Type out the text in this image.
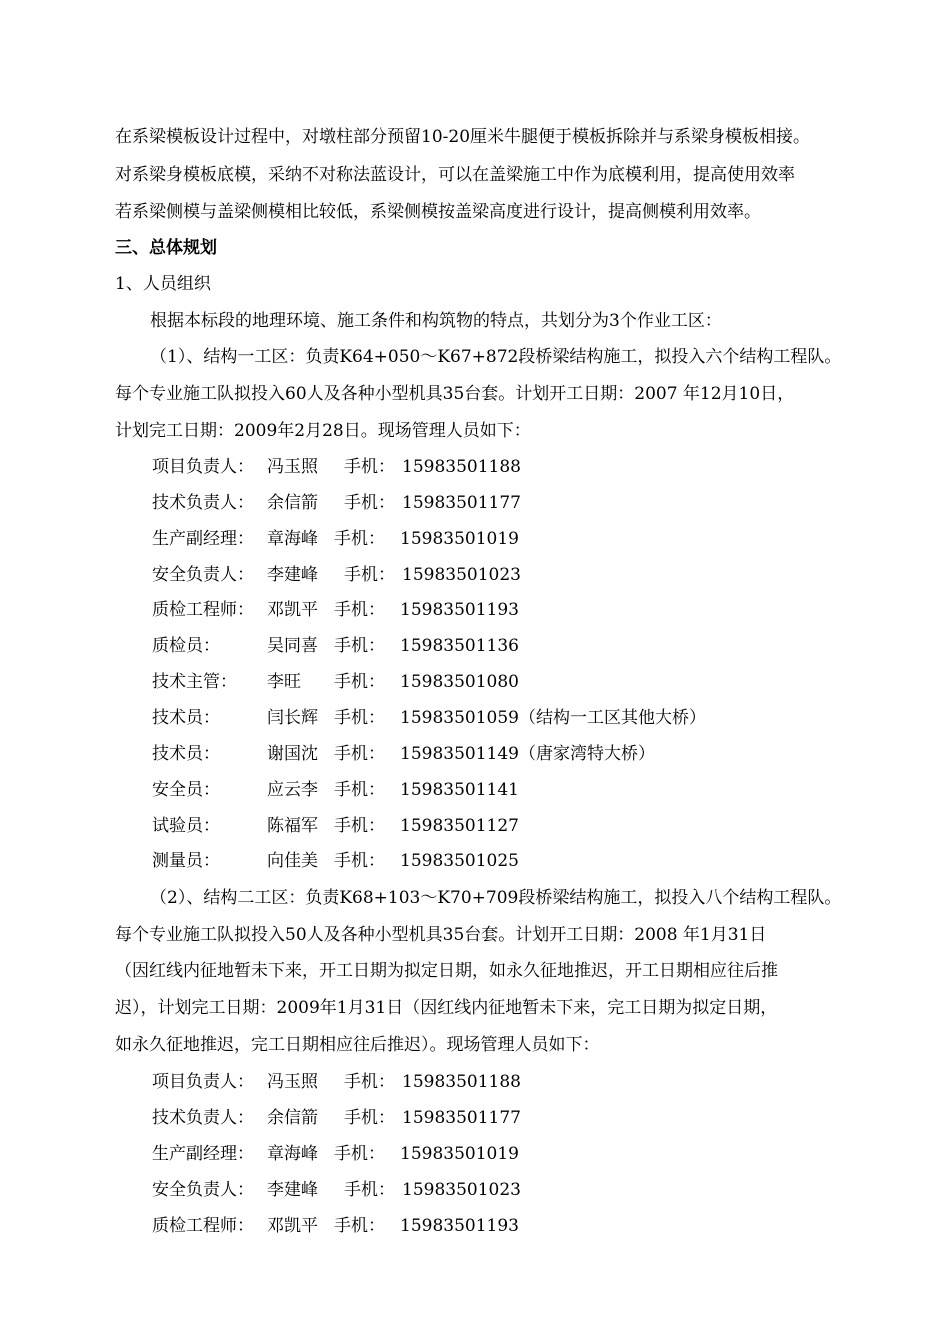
在系梁模板设计过程中，对墩柱部分预留10-20厘米牛腿便于模板拆除并与系梁身模板相接。
对系梁身模板底模，采纳不对称法蓝设计，可以在盖梁施工中作为底模利用，提高使用效率
若系梁侧模与盖梁侧模相比较低，系梁侧模按盖梁高度进行设计，提高侧模利用效率。
三、总体规划
1、人员组织
根据本标段的地理环境、施工条件和构筑物的特点，共划分为3个作业工区：
（1）、结构一工区：负责K64+050～K67+872段桥梁结构施工，拟投入六个结构工程队。
每个专业施工队拟投入60人及各种小型机具35台套。计划开工日期：2007 年12月10日，
计划完工日期：2009年2月28日。现场管理人员如下：
项目负责人： 冯玉照 手机： 15983501188
技术负责人： 余信箭 手机： 15983501177
生产副经理： 章海峰 手机： 15983501019
安全负责人： 李建峰 手机： 15983501023
质检工程师： 邓凯平 手机： 15983501193
质检员：	吴同喜 手机： 15983501136
技术主管： 李旺 手机： 15983501080
技术员：	闫长辉 手机： 15983501059（结构一工区其他大桥）
技术员：	谢国沈 手机： 15983501149（唐家湾特大桥）
安全员：	应云李 手机： 15983501141
试验员：	陈福军 手机： 15983501127
测量员：	向佳美 手机： 15983501025
（2）、结构二工区：负责K68+103～K70+709段桥梁结构施工，拟投入八个结构工程队。
每个专业施工队拟投入50人及各种小型机具35台套。计划开工日期：2008 年1月31日
（因红线内征地暂未下来，开工日期为拟定日期，如永久征地推迟，开工日期相应往后推
迟），计划完工日期：2009年1月31日（因红线内征地暂未下来，完工日期为拟定日期，
如永久征地推迟，完工日期相应往后推迟）。现场管理人员如下：
项目负责人： 冯玉照 手机： 15983501188
技术负责人： 余信箭 手机： 15983501177
生产副经理： 章海峰 手机： 15983501019
安全负责人： 李建峰 手机： 15983501023
质检工程师： 邓凯平 手机： 15983501193
